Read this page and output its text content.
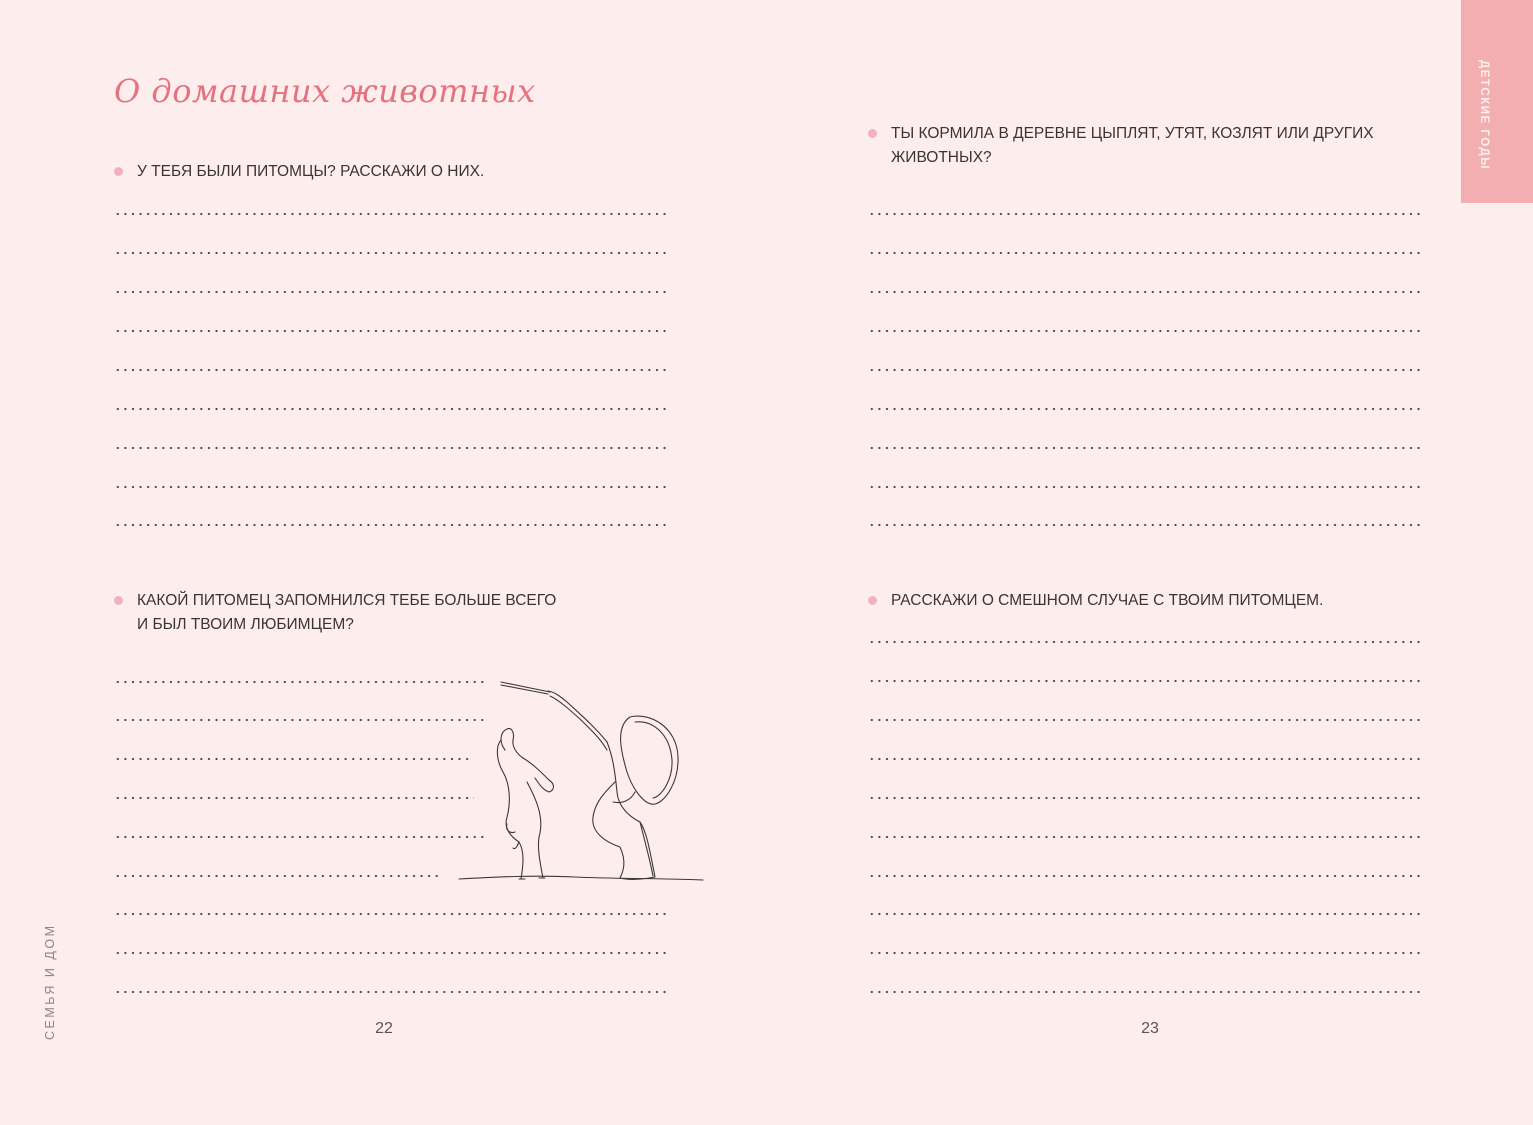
О домашних животных
У ТЕБЯ БЫЛИ ПИТОМЦЫ? РАССКАЖИ О НИХ.
КАКОЙ ПИТОМЕЦ ЗАПОМНИЛСЯ ТЕБЕ БОЛЬШЕ ВСЕГО
И БЫЛ ТВОИМ ЛЮБИМЦЕМ?
22
СЕМЬЯ И ДОМ
ТЫ КОРМИЛА В ДЕРЕВНЕ ЦЫПЛЯТ, УТЯТ, КОЗЛЯТ ИЛИ ДРУГИХ
ЖИВОТНЫХ?
РАССКАЖИ О СМЕШНОМ СЛУЧАЕ С ТВОИМ ПИТОМЦЕМ.
23
ДЕТСКИЕ ГОДЫ
